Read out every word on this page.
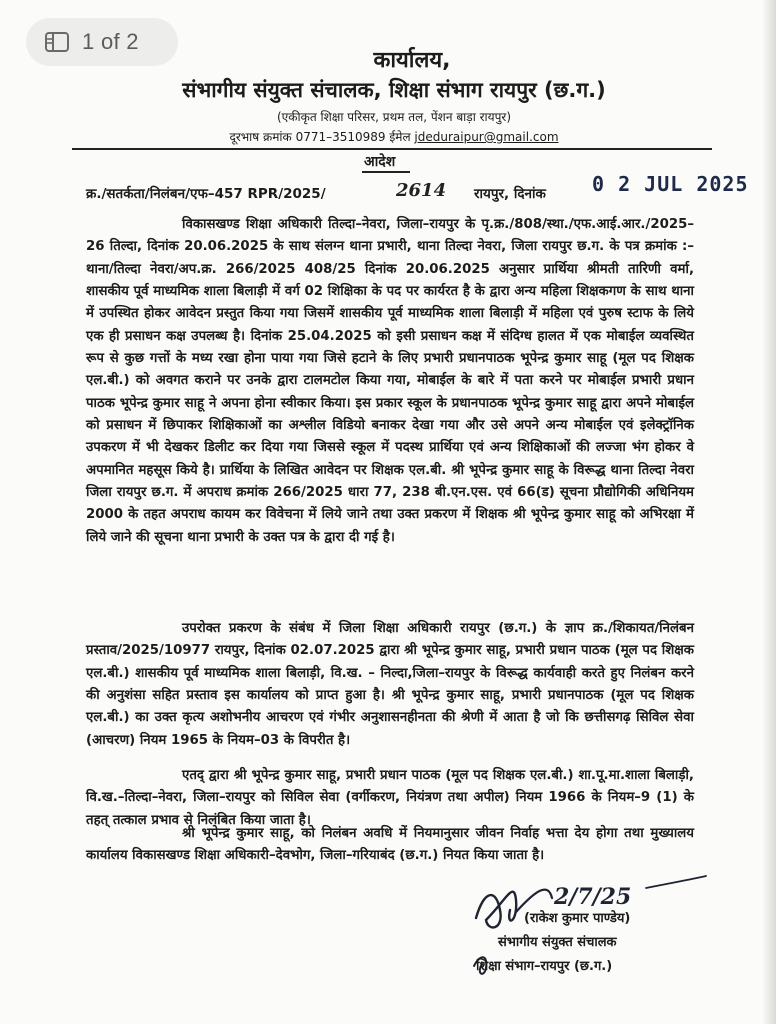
1 of 2
कार्यालय,
संभागीय संयुक्त संचालक, शिक्षा संभाग रायपुर (छ.ग.)
(एकीकृत शिक्षा परिसर, प्रथम तल, पेंशन बाड़ा रायपुर)
दूरभाष क्रमांक 0771–3510989 ईमेल jdeduraipur@gmail.com
आदेश
क्र./सतर्कता/निलंबन/एफ–457 RPR/2025/	2614 रायपुर, दिनांक 0 2 JUL 2025
विकासखण्ड शिक्षा अधिकारी तिल्दा–नेवरा, जिला–रायपुर के पृ.क्र./808/स्था./एफ.आई.आर./2025–26 तिल्दा, दिनांक 20.06.2025 के साथ संलग्न थाना प्रभारी, थाना तिल्दा नेवरा, जिला रायपुर छ.ग. के पत्र क्रमांक :– थाना/तिल्दा नेवरा/अप.क्र. 266/2025 408/25 दिनांक 20.06.2025 अनुसार प्रार्थिया श्रीमती तारिणी वर्मा, शासकीय पूर्व माध्यमिक शाला बिलाड़ी में वर्ग 02 शिक्षिका के पद पर कार्यरत है के द्वारा अन्य महिला शिक्षकगण के साथ थाना में उपस्थित होकर आवेदन प्रस्तुत किया गया जिसमें शासकीय पूर्व माध्यमिक शाला बिलाड़ी में महिला एवं पुरुष स्टाफ के लिये एक ही प्रसाधन कक्ष उपलब्ध है। दिनांक 25.04.2025 को इसी प्रसाधन कक्ष में संदिग्ध हालत में एक मोबाईल व्यवस्थित रूप से कुछ गत्तों के मध्य रखा होना पाया गया जिसे हटाने के लिए प्रभारी प्रधानपाठक भूपेन्द्र कुमार साहू (मूल पद शिक्षक एल.बी.) को अवगत कराने पर उनके द्वारा टालमटोल किया गया, मोबाईल के बारे में पता करने पर मोबाईल प्रभारी प्रधान पाठक भूपेन्द्र कुमार साहू ने अपना होना स्वीकार किया। इस प्रकार स्कूल के प्रधानपाठक भूपेन्द्र कुमार साहू द्वारा अपने मोबाईल को प्रसाधन में छिपाकर शिक्षिकाओं का अश्लील विडियो बनाकर देखा गया और उसे अपने अन्य मोबाईल एवं इलेक्ट्रॉनिक उपकरण में भी देखकर डिलीट कर दिया गया जिससे स्कूल में पदस्थ प्रार्थिया एवं अन्य शिक्षिकाओं की लज्जा भंग होकर वे अपमानित महसूस किये है। प्रार्थिया के लिखित आवेदन पर शिक्षक एल.बी. श्री भूपेन्द्र कुमार साहू के विरूद्ध थाना तिल्दा नेवरा जिला रायपुर छ.ग. में अपराध क्रमांक 266/2025 धारा 77, 238 बी.एन.एस. एवं 66(ड) सूचना प्रौद्योगिकी अधिनियम 2000 के तहत अपराध कायम कर विवेचना में लिये जाने तथा उक्त प्रकरण में शिक्षक श्री भूपेन्द्र कुमार साहू को अभिरक्षा में लिये जाने की सूचना थाना प्रभारी के उक्त पत्र के द्वारा दी गई है।
उपरोक्त प्रकरण के संबंध में जिला शिक्षा अधिकारी रायपुर (छ.ग.) के ज्ञाप क्र./शिकायत/निलंबन प्रस्ताव/2025/10977 रायपुर, दिनांक 02.07.2025 द्वारा श्री भूपेन्द्र कुमार साहू, प्रभारी प्रधान पाठक (मूल पद शिक्षक एल.बी.) शासकीय पूर्व माध्यमिक शाला बिलाड़ी, वि.ख. – निल्दा,जिला–रायपुर के विरूद्ध कार्यवाही करते हुए निलंबन करने की अनुशंसा सहित प्रस्ताव इस कार्यालय को प्राप्त हुआ है। श्री भूपेन्द्र कुमार साहू, प्रभारी प्रधानपाठक (मूल पद शिक्षक एल.बी.) का उक्त कृत्य अशोभनीय आचरण एवं गंभीर अनुशासनहीनता की श्रेणी में आता है जो कि छत्तीसगढ़ सिविल सेवा (आचरण) नियम 1965 के नियम–03 के विपरीत है।
एतद् द्वारा श्री भूपेन्द्र कुमार साहू, प्रभारी प्रधान पाठक (मूल पद शिक्षक एल.बी.) शा.पू.मा.शाला बिलाड़ी, वि.ख.–तिल्दा–नेवरा, जिला–रायपुर को सिविल सेवा (वर्गीकरण, नियंत्रण तथा अपील) नियम 1966 के नियम–9 (1) के तहत् तत्काल प्रभाव से निलंबित किया जाता है।
श्री भूपेन्द्र कुमार साहू, को निलंबन अवधि में नियमानुसार जीवन निर्वाह भत्ता देय होगा तथा मुख्यालय कार्यालय विकासखण्ड शिक्षा अधिकारी–देवभोग, जिला–गरियाबंद (छ.ग.) नियत किया जाता है।
2/7/25
(राकेश कुमार पाण्डेय)
संभागीय संयुक्त संचालक
शिक्षा संभाग–रायपुर (छ.ग.)
